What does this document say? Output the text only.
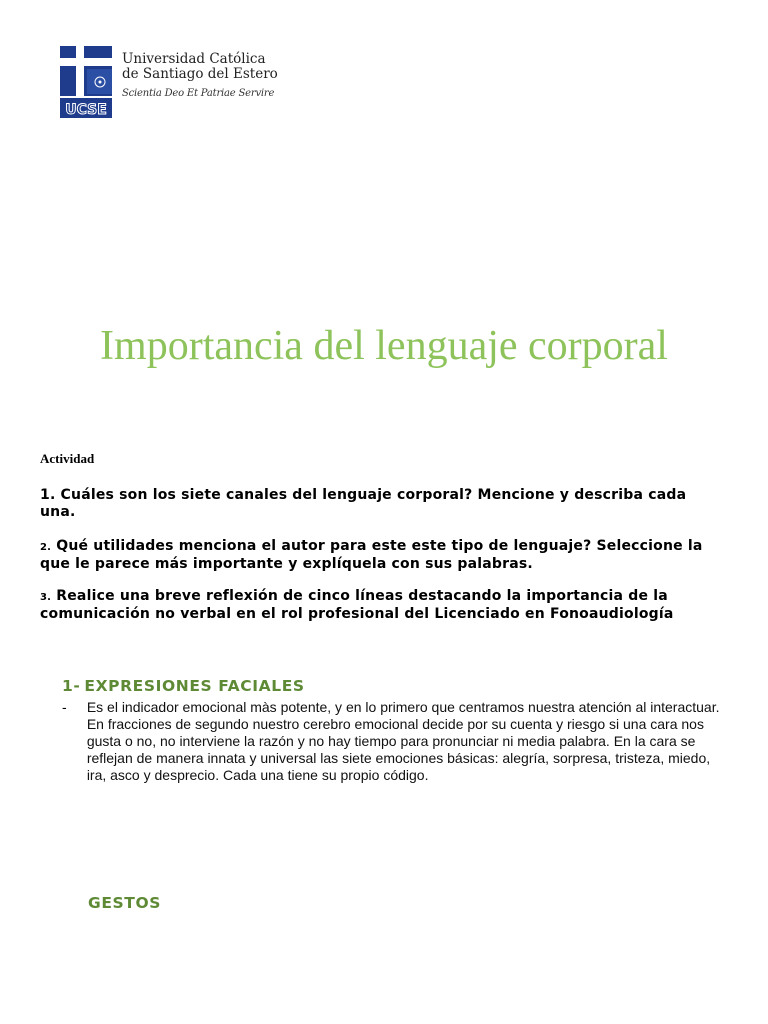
UCSE
Universidad Católica
de Santiago del Estero
Scientia Deo Et Patriae Servire
Importancia del lenguaje corporal
Actividad
1. Cuáles son los siete canales del lenguaje corporal? Mencione y describa cada una.
2. Qué utilidades menciona el autor para este este tipo de lenguaje? Seleccione la que le parece más importante y explíquela con sus palabras.
3. Realice una breve reflexión de cinco líneas destacando la importancia de la comunicación no verbal en el rol profesional del Licenciado en Fonoaudiología
1- EXPRESIONES FACIALES
-	Es el indicador emocional màs potente, y en lo primero que centramos nuestra atención al interactuar. En fracciones de segundo nuestro cerebro emocional decide por su cuenta y riesgo si una cara nos gusta o no, no interviene la razón y no hay tiempo para pronunciar ni media palabra. En la cara se reflejan de manera innata y universal las siete emociones básicas: alegría, sorpresa, tristeza, miedo, ira, asco y desprecio. Cada una tiene su propio código.
GESTOS
